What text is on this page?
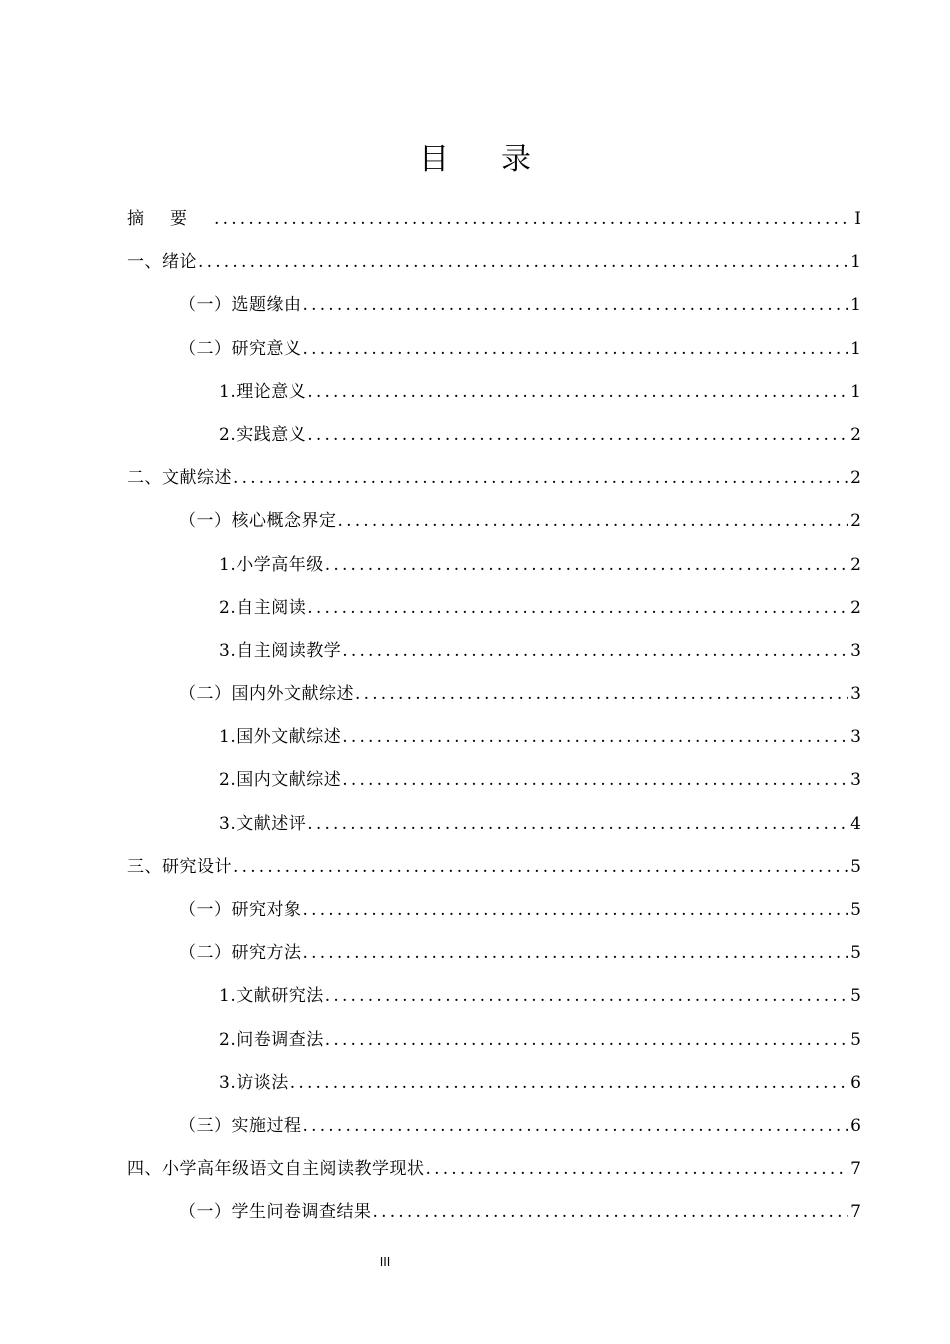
目录
摘要 .....	I
一、绪论 .....	1
（一）选题缘由 .....	1
（二）研究意义 .....	1
1.理论意义 .....	1
2.实践意义 .....	2
二、文献综述 .....	2
（一）核心概念界定 .....	2
1.小学高年级 .....	2
2.自主阅读 .....	2
3.自主阅读教学 .....	3
（二）国内外文献综述 .....	3
1.国外文献综述 .....	3
2.国内文献综述 .....	3
3.文献述评 .....	4
三、研究设计 .....	5
（一）研究对象 .....	5
（二）研究方法 .....	5
1.文献研究法 .....	5
2.问卷调查法 .....	5
3.访谈法 .....	6
（三）实施过程 .....	6
四、小学高年级语文自主阅读教学现状 .....	7
（一）学生问卷调查结果 .....	7
III
